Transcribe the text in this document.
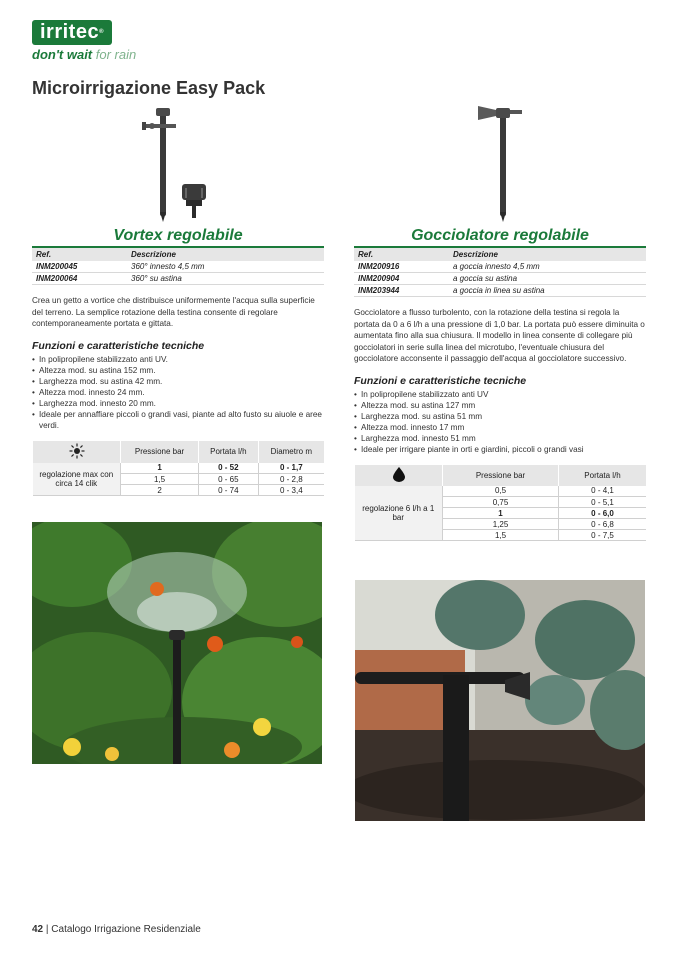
irritec®
don't wait for rain
Microirrigazione Easy Pack
Vortex regolabile
Ref.	Descrizione
INM200045	360° innesto 4,5 mm
INM200064	360° su astina

Crea un getto a vortice che distribuisce uniformemente l'acqua sulla superficie del terreno. La semplice rotazione della testina consente di regolare contemporaneamente portata e gittata.

Funzioni e caratteristiche tecniche
• In polipropilene stabilizzato anti UV.
• Altezza mod. su astina 152 mm.
• Larghezza mod. su astina 42 mm.
• Altezza mod. innesto 24 mm.
• Larghezza mod. innesto 20 mm.
• Ideale per annaffiare piccoli o grandi vasi, piante ad alto fusto su aiuole e aree verdi.
	Pressione bar	Portata l/h	Diametro m
regolazione max con circa 14 clik	1	0 - 52	0 - 1,7
	1,5	0 - 65	0 - 2,8
	2	0 - 74	0 - 3,4
Gocciolatore regolabile
Ref.	Descrizione
INM200916	a goccia innesto 4,5 mm
INM200904	a goccia su astina
INM203944	a goccia in linea su astina

Gocciolatore a flusso turbolento, con la rotazione della testina si regola la portata da 0 a 6 l/h a una pressione di 1,0 bar. La portata può essere diminuita o aumentata fino alla sua chiusura. Il modello in linea consente di collegare più gocciolatori in serie sulla linea del microtubo, l'eventuale chiusura del gocciolatore acconsente il passaggio dell'acqua al gocciolatore successivo.

Funzioni e caratteristiche tecniche
• In polipropilene stabilizzato anti UV
• Altezza mod. su astina 127 mm
• Larghezza mod. su astina 51 mm
• Altezza mod. innesto 17 mm
• Larghezza mod. innesto 51 mm
• Ideale per irrigare piante in orti e giardini, piccoli o grandi vasi
	Pressione bar	Portata l/h
regolazione 6 l/h a 1 bar	0,5	0 - 4,1
	0,75	0 - 5,1
	1	0 - 6,0
	1,25	0 - 6,8
	1,5	0 - 7,5
42 | Catalogo Irrigazione Residenziale
